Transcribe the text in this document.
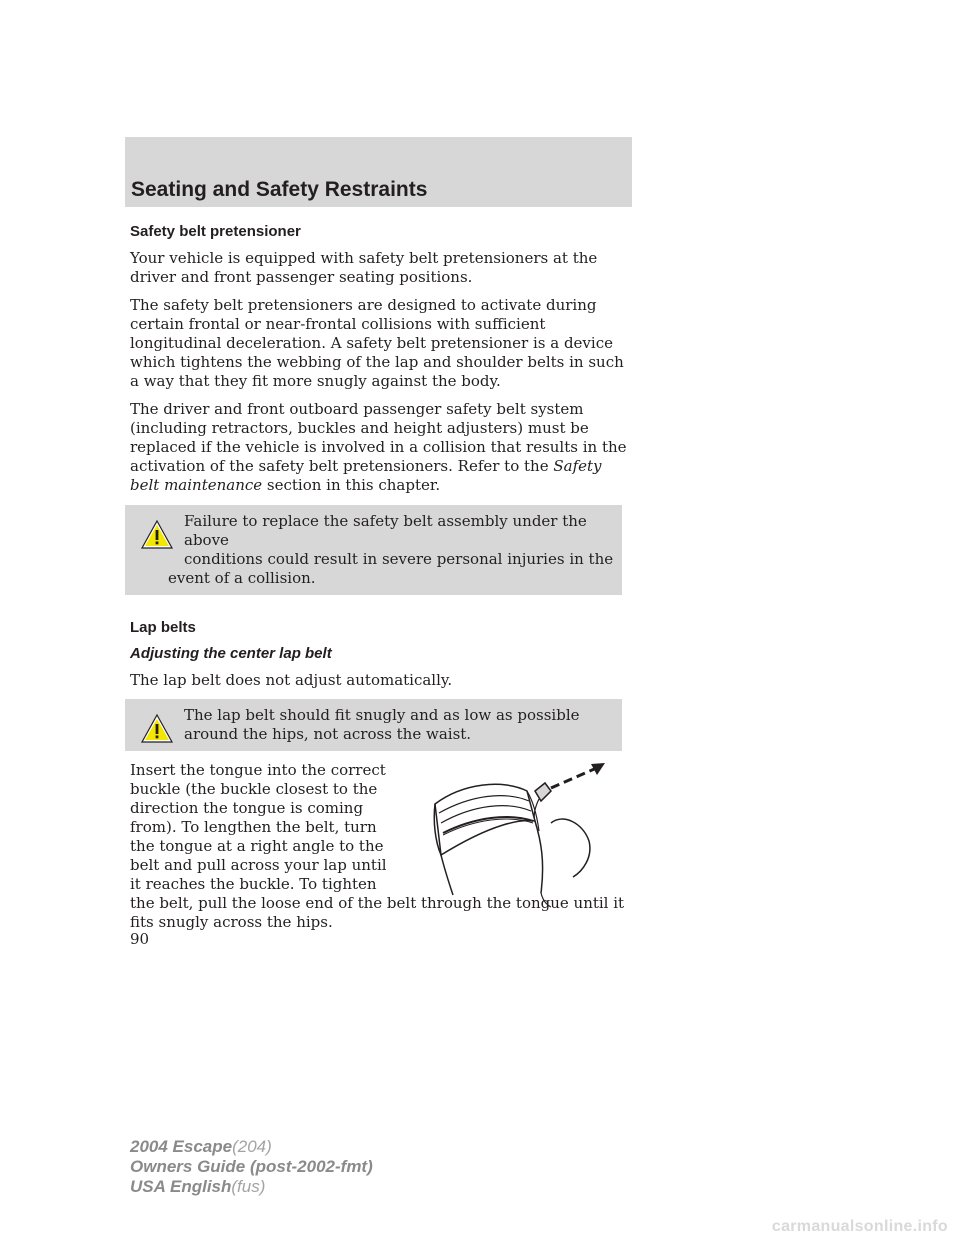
Seating and Safety Restraints
Safety belt pretensioner

Your vehicle is equipped with safety belt pretensioners at the driver and front passenger seating positions.

The safety belt pretensioners are designed to activate during certain frontal or near-frontal collisions with sufficient longitudinal deceleration. A safety belt pretensioner is a device which tightens the webbing of the lap and shoulder belts in such a way that they fit more snugly against the body.

The driver and front outboard passenger safety belt system (including retractors, buckles and height adjusters) must be replaced if the vehicle is involved in a collision that results in the activation of the safety belt pretensioners. Refer to the Safety belt maintenance section in this chapter.

Failure to replace the safety belt assembly under the above
conditions could result in severe personal injuries in the event of a collision.
Lap belts
Adjusting the center lap belt

The lap belt does not adjust automatically.

The lap belt should fit snugly and as low as possible around the hips, not across the waist.

Insert the tongue into the correct buckle (the buckle closest to the direction the tongue is coming from). To lengthen the belt, turn the tongue at a right angle to the belt and pull across your lap until it reaches the buckle. To tighten the belt, pull the loose end of the belt through the tongue until it fits snugly across the hips.

90
2004 Escape(204)
Owners Guide (post-2002-fmt)
USA English(fus)
carmanualsonline.info
